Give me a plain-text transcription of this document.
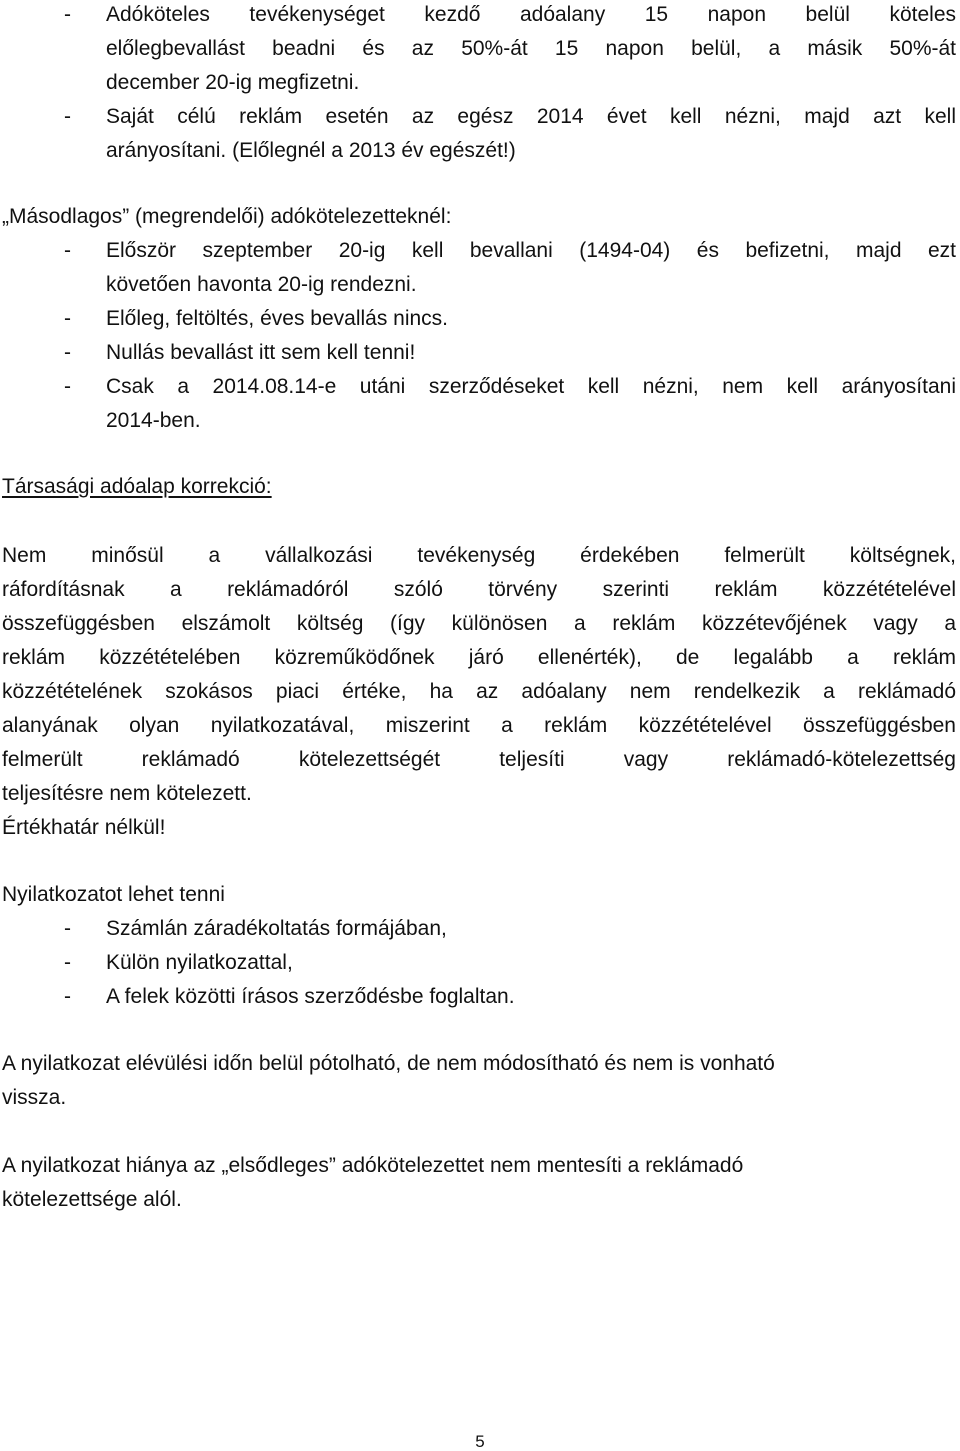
- Adóköteles tevékenységet kezdő adóalany 15 napon belül köteles
előlegbevallást beadni és az 50%-át 15 napon belül, a másik 50%-át
december 20-ig megfizetni.
- Saját célú reklám esetén az egész 2014 évet kell nézni, majd azt kell
arányosítani. (Előlegnél a 2013 év egészét!)
„Másodlagos” (megrendelői) adókötelezetteknél:
- Először szeptember 20-ig kell bevallani (1494-04) és befizetni, majd ezt
követően havonta 20-ig rendezni.
- Előleg, feltöltés, éves bevallás nincs.
- Nullás bevallást itt sem kell tenni!
- Csak a 2014.08.14-e utáni szerződéseket kell nézni, nem kell arányosítani
2014-ben.
Társasági adóalap korrekció:
Nem minősül a vállalkozási tevékenység érdekében felmerült költségnek,
ráfordításnak a reklámadóról szóló törvény szerinti reklám közzétételével
összefüggésben elszámolt költség (így különösen a reklám közzétevőjének vagy a
reklám közzétételében közreműködőnek járó ellenérték), de legalább a reklám
közzétételének szokásos piaci értéke, ha az adóalany nem rendelkezik a reklámadó
alanyának olyan nyilatkozatával, miszerint a reklám közzétételével összefüggésben
felmerült reklámadó kötelezettségét teljesíti vagy reklámadó-kötelezettség
teljesítésre nem kötelezett.
Értékhatár nélkül!
Nyilatkozatot lehet tenni
- Számlán záradékoltatás formájában,
- Külön nyilatkozattal,
- A felek közötti írásos szerződésbe foglaltan.
A nyilatkozat elévülési időn belül pótolható, de nem módosítható és nem is vonható
vissza.
A nyilatkozat hiánya az „elsődleges” adókötelezettet nem mentesíti a reklámadó
kötelezettsége alól.
5
